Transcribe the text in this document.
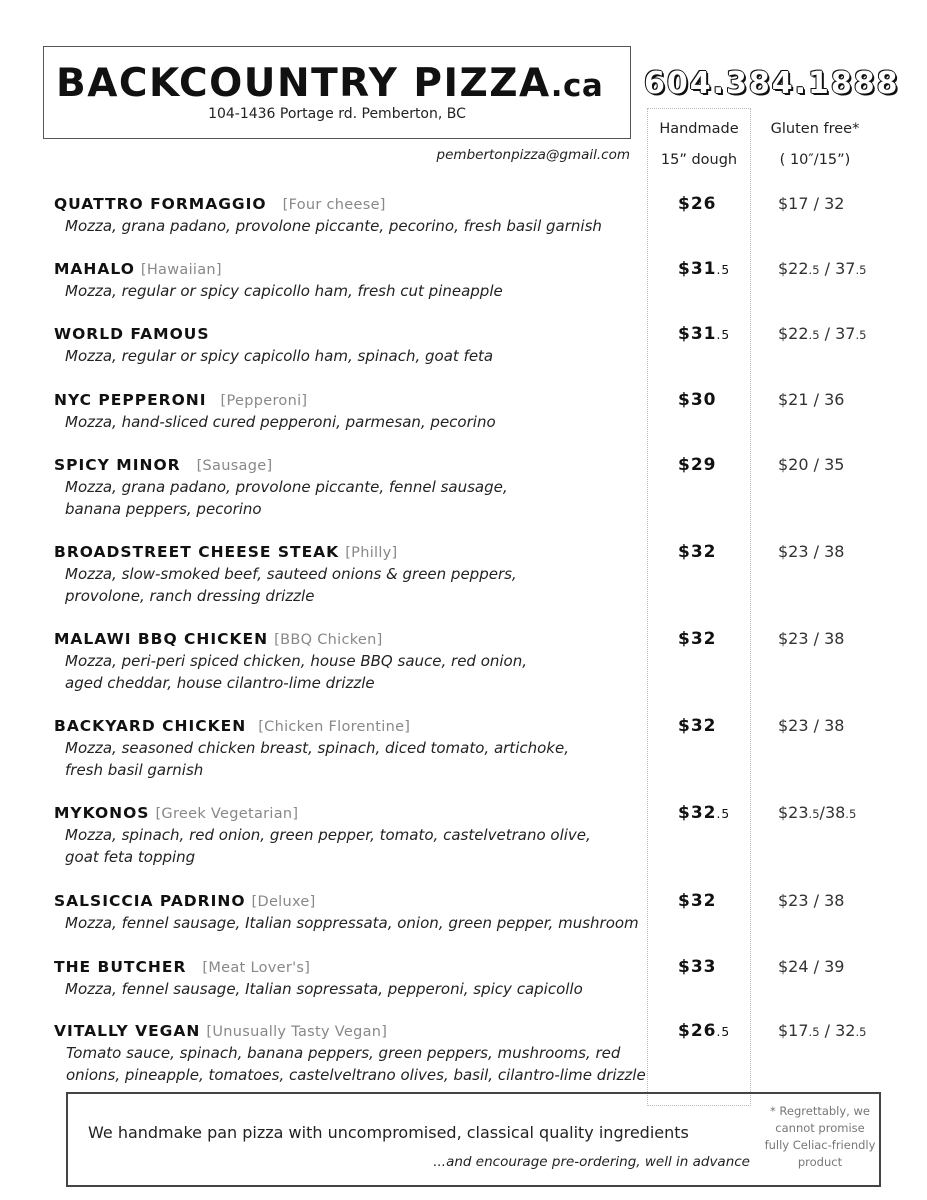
BACKCOUNTRY PIZZA.ca
104-1436 Portage rd. Pemberton, BC
604.384.1888
Handmade
15” dough
Gluten free*
( 10″/15”)
pembertonpizza@gmail.com
QUATTRO FORMAGGIO [Four cheese]
Mozza, grana padano, provolone piccante, pecorino, fresh basil garnish
$26	$17 / 32
MAHALO [Hawaiian]
Mozza, regular or spicy capicollo ham, fresh cut pineapple
$31.5	$22.5 / 37.5
WORLD FAMOUS
Mozza, regular or spicy capicollo ham, spinach, goat feta
$31.5	$22.5 / 37.5
NYC PEPPERONI [Pepperoni]
Mozza, hand-sliced cured pepperoni, parmesan, pecorino
$30	$21 / 36
SPICY MINOR [Sausage]
Mozza, grana padano, provolone piccante, fennel sausage, banana peppers, pecorino
$29	$20 / 35
BROADSTREET CHEESE STEAK [Philly]
Mozza, slow-smoked beef, sauteed onions & green peppers, provolone, ranch dressing drizzle
$32	$23 / 38
MALAWI BBQ CHICKEN [BBQ Chicken]
Mozza, peri-peri spiced chicken, house BBQ sauce, red onion, aged cheddar, house cilantro-lime drizzle
$32	$23 / 38
BACKYARD CHICKEN [Chicken Florentine]
Mozza, seasoned chicken breast, spinach, diced tomato, artichoke, fresh basil garnish
$32	$23 / 38
MYKONOS [Greek Vegetarian]
Mozza, spinach, red onion, green pepper, tomato, castelvetrano olive, goat feta topping
$32.5	$23.5/38.5
SALSICCIA PADRINO [Deluxe]
Mozza, fennel sausage, Italian soppressata, onion, green pepper, mushroom
$32	$23 / 38
THE BUTCHER [Meat Lover's]
Mozza, fennel sausage, Italian sopressata, pepperoni, spicy capicollo
$33	$24 / 39
VITALLY VEGAN [Unusually Tasty Vegan]
Tomato sauce, spinach, banana peppers, green peppers, mushrooms, red onions, pineapple, tomatoes, castelveltrano olives, basil, cilantro-lime drizzle
$26.5	$17.5 / 32.5
We handmake pan pizza with uncompromised, classical quality ingredients
...and encourage pre-ordering, well in advance
* Regrettably, we cannot promise fully Celiac-friendly product
